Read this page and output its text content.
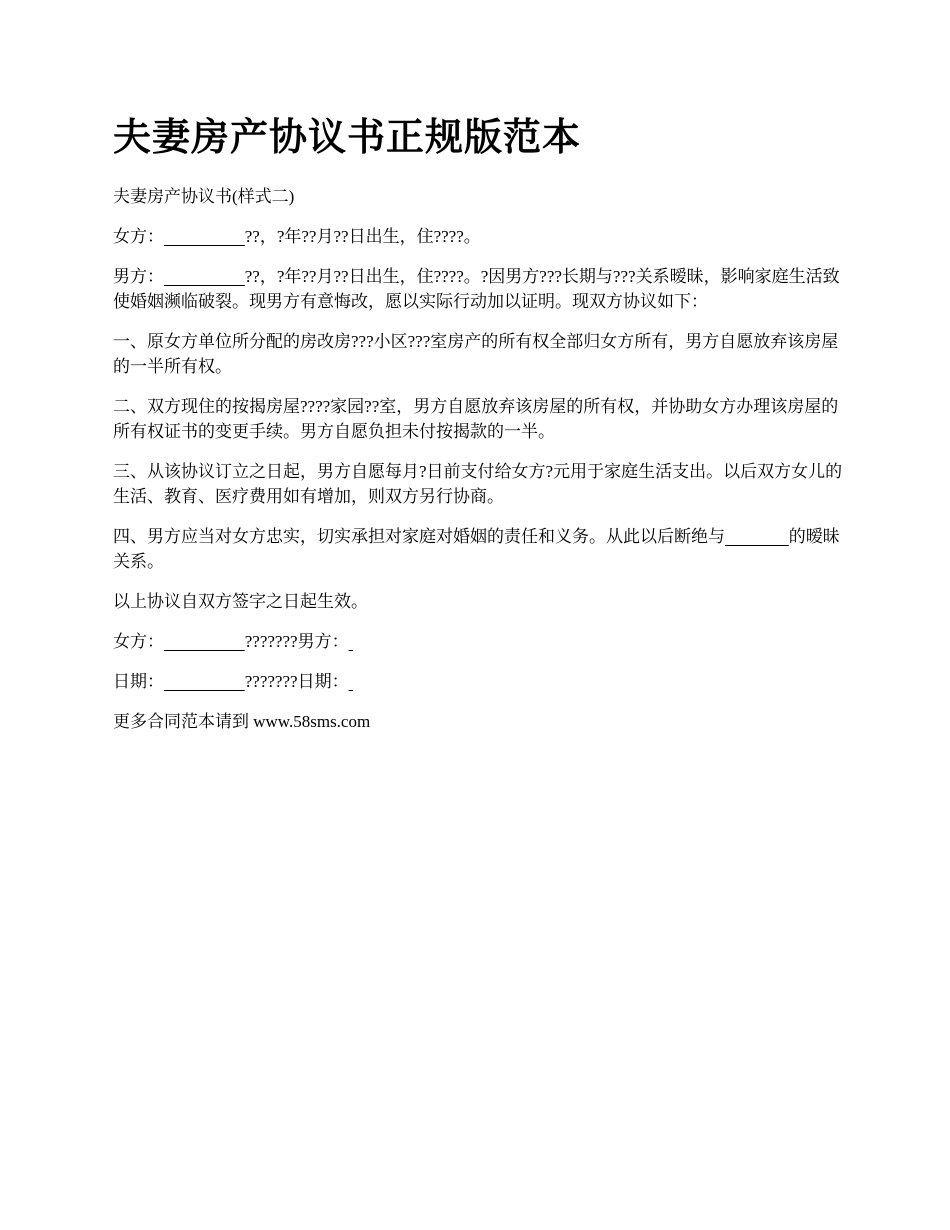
夫妻房产协议书正规版范本

夫妻房产协议书(样式二)

女方：	??，?年??月??日出生，住????。

男方：	??，?年??月??日出生，住????。?因男方???长期与???关系暧昧，影响家庭生活致使婚姻濒临破裂。现男方有意悔改，愿以实际行动加以证明。现双方协议如下：

一、原女方单位所分配的房改房???小区???室房产的所有权全部归女方所有，男方自愿放弃该房屋的一半所有权。

二、双方现住的按揭房屋????家园??室，男方自愿放弃该房屋的所有权，并协助女方办理该房屋的所有权证书的变更手续。男方自愿负担未付按揭款的一半。

三、从该协议订立之日起，男方自愿每月?日前支付给女方?元用于家庭生活支出。以后双方女儿的生活、教育、医疗费用如有增加，则双方另行协商。

四、男方应当对女方忠实，切实承担对家庭对婚姻的责任和义务。从此以后断绝与	的暧昧关系。

以上协议自双方签字之日起生效。

女方：	???????男方：

日期：	???????日期：

更多合同范本请到 www.58sms.com
